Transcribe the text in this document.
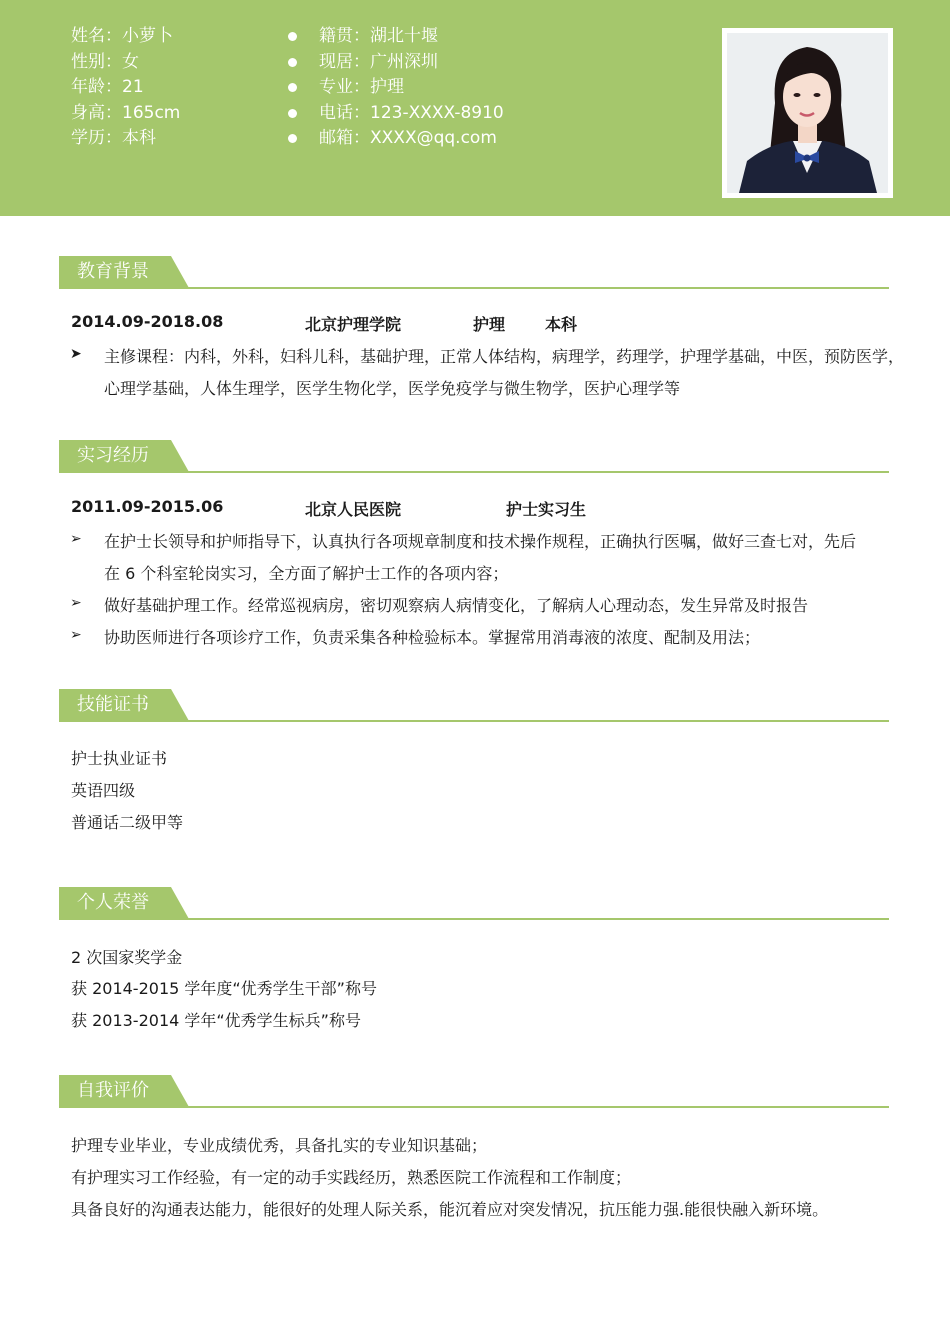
姓名：小萝卜
性别：女
年龄：21
身高：165cm
学历：本科
籍贯：湖北十堰
现居：广州深圳
专业：护理
电话：123-XXXX-8910
邮箱：XXXX@qq.com
教育背景
2014.09-2018.08	北京护理学院	护理 本科
➤ 主修课程：内科，外科，妇科儿科，基础护理，正常人体结构，病理学，药理学，护理学基础，中医，预防医学，
心理学基础，人体生理学，医学生物化学，医学免疫学与微生物学，医护心理学等
实习经历
2011.09-2015.06	北京人民医院	护士实习生
➢ 在护士长领导和护师指导下，认真执行各项规章制度和技术操作规程，正确执行医嘱，做好三查七对，先后
在 6 个科室轮岗实习，全方面了解护士工作的各项内容；
➢ 做好基础护理工作。经常巡视病房，密切观察病人病情变化，了解病人心理动态，发生异常及时报告
➢ 协助医师进行各项诊疗工作，负责采集各种检验标本。掌握常用消毒液的浓度、配制及用法；
技能证书
护士执业证书
英语四级
普通话二级甲等
个人荣誉
2 次国家奖学金
获 2014-2015 学年度“优秀学生干部”称号
获 2013-2014 学年“优秀学生标兵”称号
自我评价
护理专业毕业，专业成绩优秀，具备扎实的专业知识基础；
有护理实习工作经验，有一定的动手实践经历，熟悉医院工作流程和工作制度；
具备良好的沟通表达能力，能很好的处理人际关系，能沉着应对突发情况，抗压能力强.能很快融入新环境。
